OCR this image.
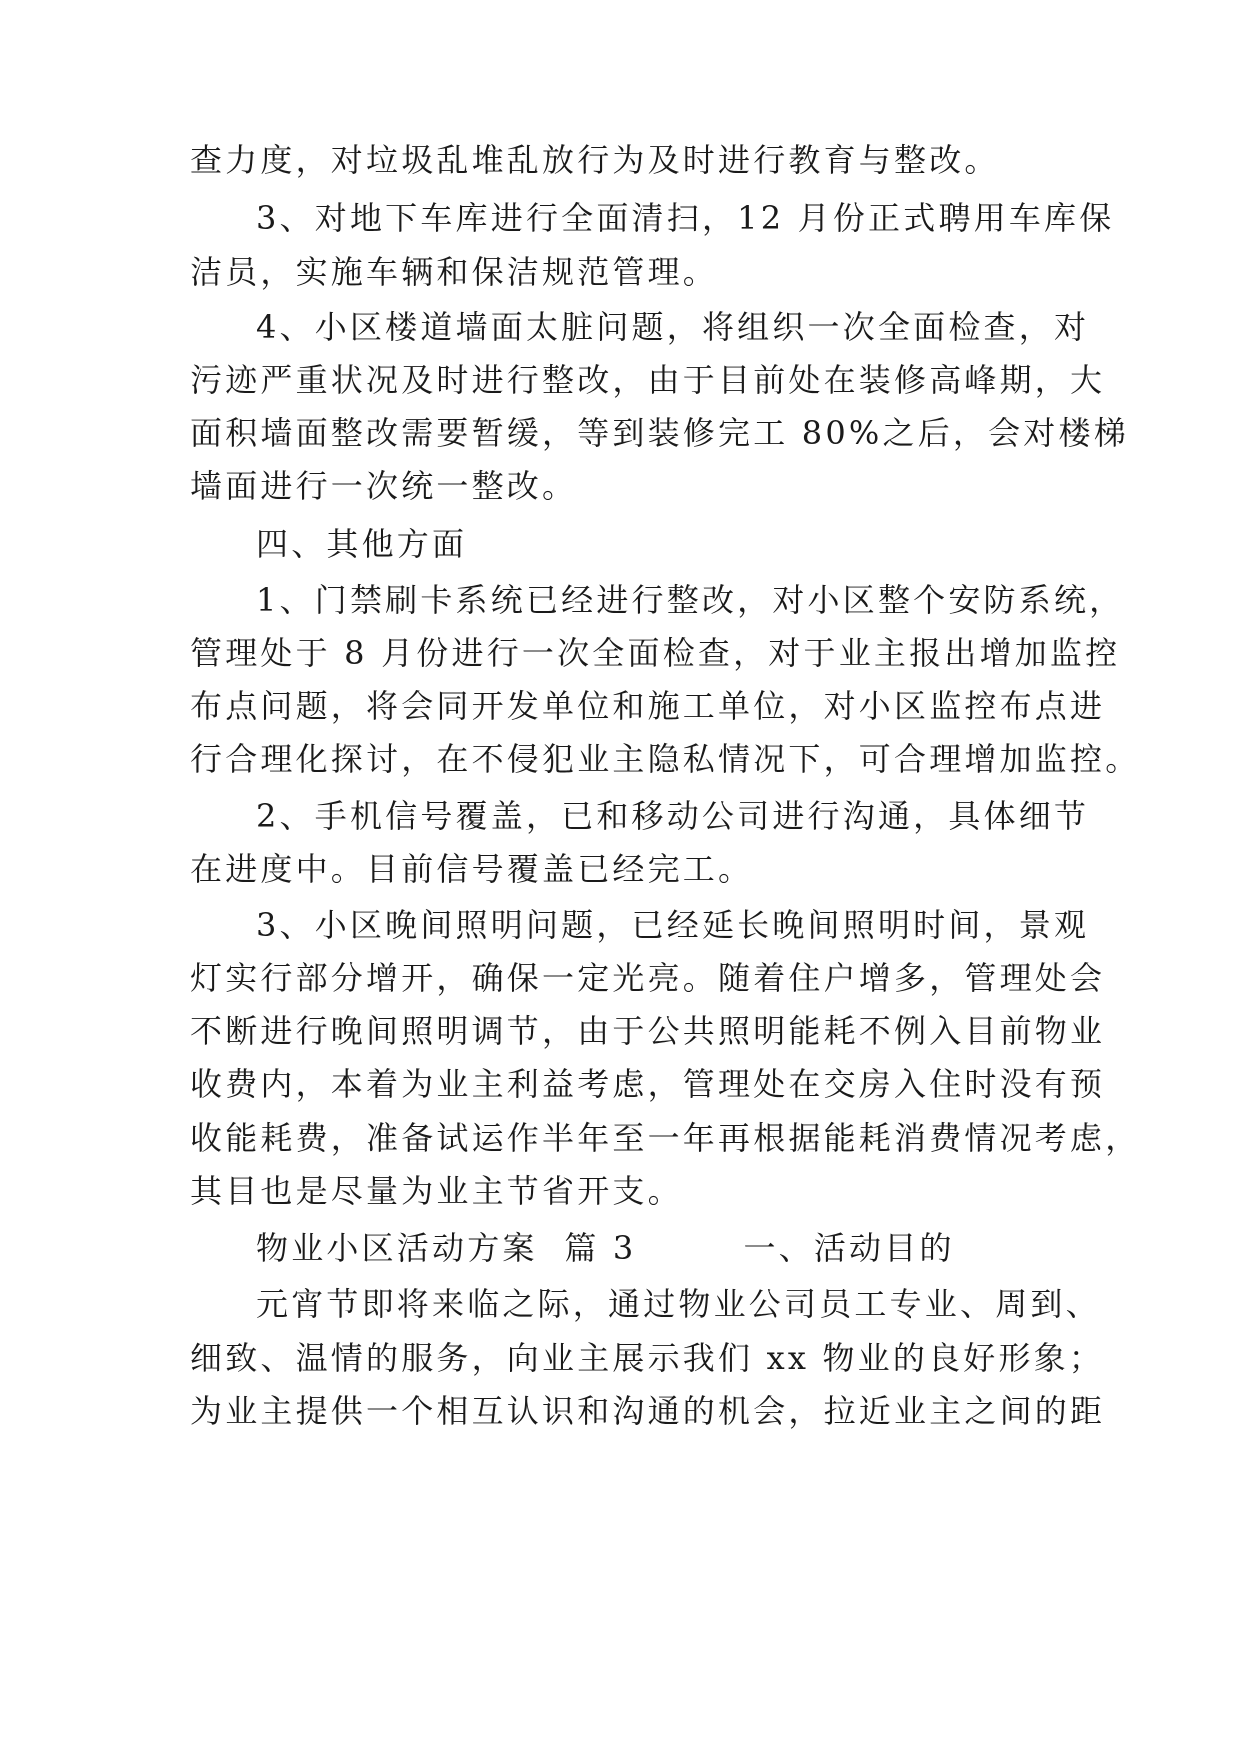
查力度，对垃圾乱堆乱放行为及时进行教育与整改。
3、对地下车库进行全面清扫，12 月份正式聘用车库保
洁员，实施车辆和保洁规范管理。
4、小区楼道墙面太脏问题，将组织一次全面检查，对
污迹严重状况及时进行整改，由于目前处在装修高峰期，大
面积墙面整改需要暂缓，等到装修完工 80%之后，会对楼梯
墙面进行一次统一整改。
四、其他方面
1、门禁刷卡系统已经进行整改，对小区整个安防系统，
管理处于 8 月份进行一次全面检查，对于业主报出增加监控
布点问题，将会同开发单位和施工单位，对小区监控布点进
行合理化探讨，在不侵犯业主隐私情况下，可合理增加监控。
2、手机信号覆盖，已和移动公司进行沟通，具体细节
在进度中。目前信号覆盖已经完工。
3、小区晚间照明问题，已经延长晚间照明时间，景观
灯实行部分增开，确保一定光亮。随着住户增多，管理处会
不断进行晚间照明调节，由于公共照明能耗不例入目前物业
收费内，本着为业主利益考虑，管理处在交房入住时没有预
收能耗费，准备试运作半年至一年再根据能耗消费情况考虑，
其目也是尽量为业主节省开支。
物业小区活动方案  篇 3        一、活动目的
元宵节即将来临之际，通过物业公司员工专业、周到、
细致、温情的服务，向业主展示我们 xx 物业的良好形象；
为业主提供一个相互认识和沟通的机会，拉近业主之间的距
